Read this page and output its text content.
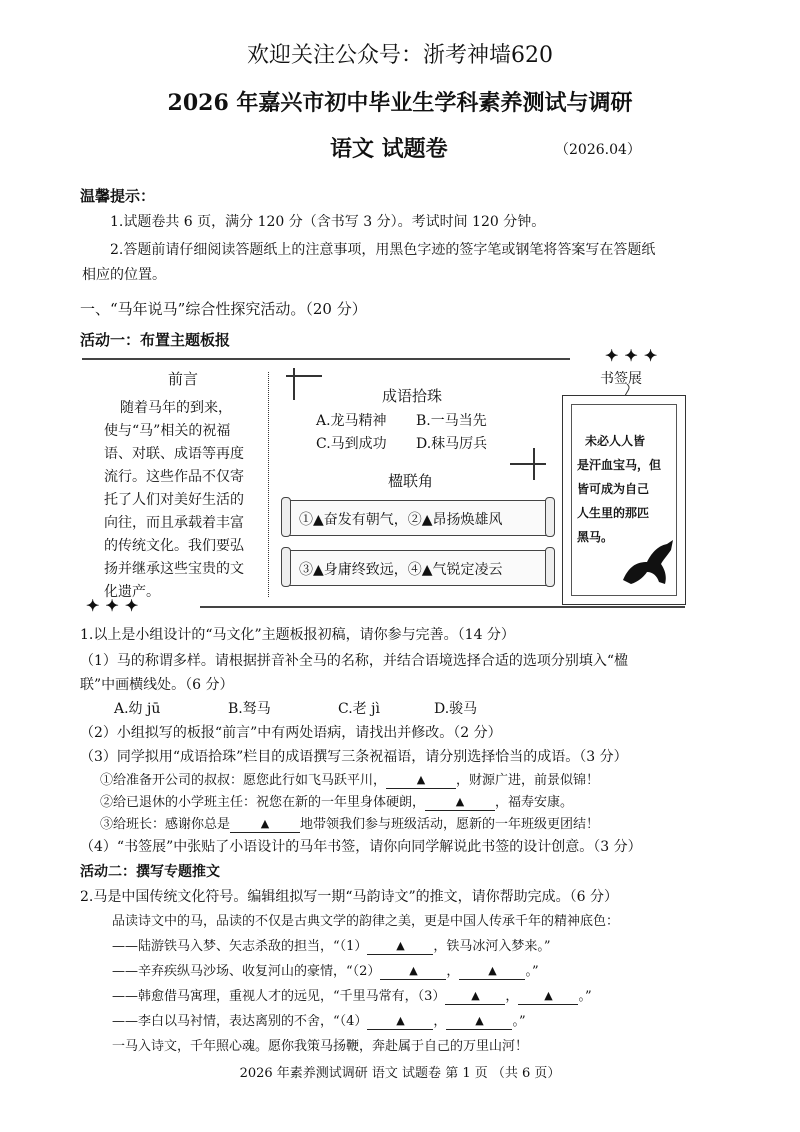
欢迎关注公众号：浙考神墙620
2026 年嘉兴市初中毕业生学科素养测试与调研
语文 试题卷	（2026.04）
温馨提示：
1.试题卷共 6 页，满分 120 分（含书写 3 分）。考试时间 120 分钟。
2.答题前请仔细阅读答题纸上的注意事项，用黑色字迹的签字笔或钢笔将答案写在答题纸
相应的位置。
一、“马年说马”综合性探究活动。（20 分）
活动一：布置主题板报
前言
随着马年的到来，
使与“马”相关的祝福
语、对联、成语等再度
流行。这些作品不仅寄
托了人们对美好生活的
向往，而且承载着丰富
的传统文化。我们要弘
扬并继承这些宝贵的文
化遗产。
成语拾珠
A.龙马精神 B.一马当先
C.马到成功 D.秣马厉兵
楹联角
①▲奋发有朝气，②▲昂扬焕雄风
③▲身庸终致远，④▲气锐定凌云
✦✦✦
书签展
未必人人皆
是汗血宝马，但
皆可成为自己
人生里的那匹
黑马。
✦✦✦
1.以上是小组设计的“马文化”主题板报初稿，请你参与完善。（14 分）
（1）马的称谓多样。请根据拼音补全马的名称，并结合语境选择合适的选项分别填入“楹
联”中画横线处。（6 分）
A.幼 jū	B.驽马	C.老 jì	D.骏马
（2）小组拟写的板报“前言”中有两处语病，请找出并修改。（2 分）
（3）同学拟用“成语拾珠”栏目的成语撰写三条祝福语，请分别选择恰当的成语。（3 分）
①给准备开公司的叔叔：愿您此行如飞马跃平川，	▲ ，财源广进，前景似锦！
②给已退休的小学班主任：祝您在新的一年里身体硬朗，	▲ ，福寿安康。
③给班长：感谢你总是	▲ 地带领我们参与班级活动，愿新的一年班级更团结！
（4）“书签展”中张贴了小语设计的马年书签，请你向同学解说此书签的设计创意。（3 分）
活动二：撰写专题推文
2.马是中国传统文化符号。编辑组拟写一期“马韵诗文”的推文，请你帮助完成。（6 分）
品读诗文中的马，品读的不仅是古典文学的韵律之美，更是中国人传承千年的精神底色：
——陆游铁马入梦、矢志杀敌的担当，“（1）	▲ ，铁马冰河入梦来。”
——辛弃疾纵马沙场、收复河山的豪情，“（2）	▲ ，	▲ 。”
——韩愈借马寓理，重视人才的远见，“千里马常有，（3） ▲ ， ▲ 。”
——李白以马衬情，表达离别的不舍，“（4）	▲ ，	▲ 。”
一马入诗文，千年照心魂。愿你我策马扬鞭，奔赴属于自己的万里山河！
2026 年素养测试调研 语文 试题卷 第 1 页 （共 6 页）
